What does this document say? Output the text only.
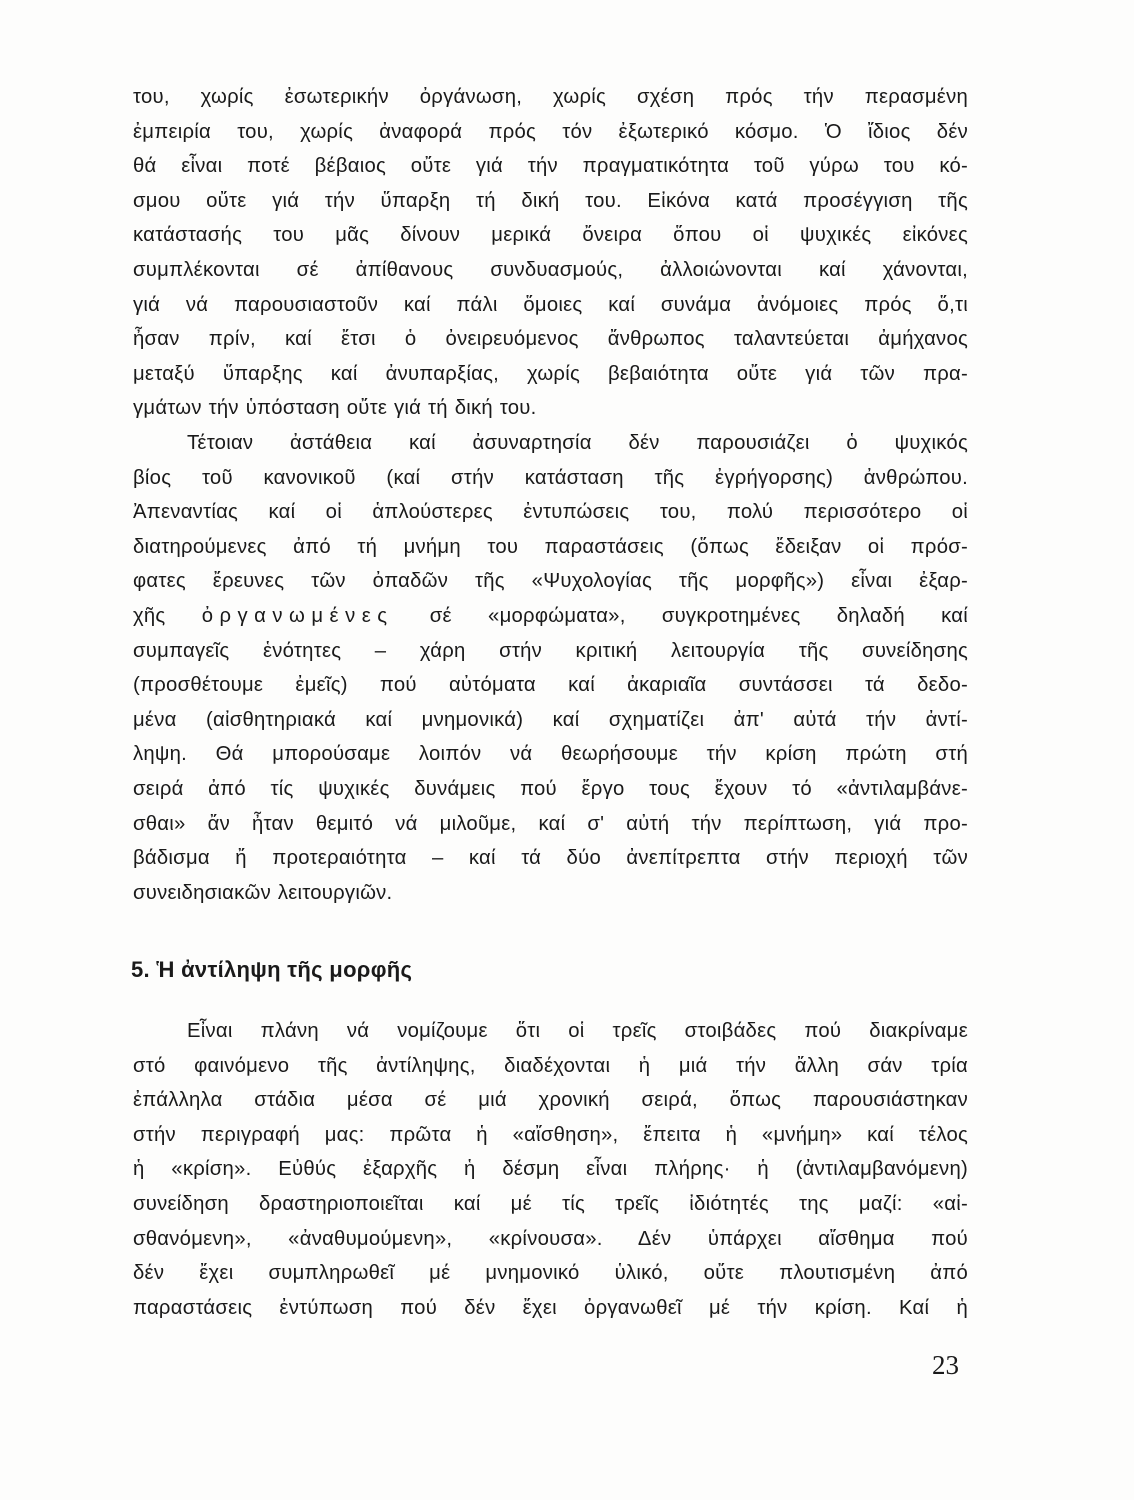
του, χωρίς ἐσωτερικήν ὀργάνωση, χωρίς σχέση πρός τήν περασμένη
ἐμπειρία του, χωρίς ἀναφορά πρός τόν ἐξωτερικό κόσμο. Ὁ ἴδιος δέν
θά εἶναι ποτέ βέβαιος οὔτε γιά τήν πραγματικότητα τοῦ γύρω του κό-
σμου οὔτε γιά τήν ὕπαρξη τή δική του. Εἰκόνα κατά προσέγγιση τῆς
κατάστασής του μᾶς δίνουν μερικά ὄνειρα ὅπου οἱ ψυχικές εἰκόνες
συμπλέκονται σέ ἀπίθανους συνδυασμούς, ἀλλοιώνονται καί χάνονται,
γιά νά παρουσιαστοῦν καί πάλι ὅμοιες καί συνάμα ἀνόμοιες πρός ὅ,τι
ἦσαν πρίν, καί ἔτσι ὁ ὀνειρευόμενος ἄνθρωπος ταλαντεύεται ἀμήχανος
μεταξύ ὕπαρξης καί ἀνυπαρξίας, χωρίς βεβαιότητα οὔτε γιά τῶν πρα-
γμάτων τήν ὑπόσταση οὔτε γιά τή δική του.
Τέτοιαν ἀστάθεια καί ἀσυναρτησία δέν παρουσιάζει ὁ ψυχικός
βίος τοῦ κανονικοῦ (καί στήν κατάσταση τῆς ἐγρήγορσης) ἀνθρώπου.
Ἀπεναντίας καί οἱ ἁπλούστερες ἐντυπώσεις του, πολύ περισσότερο οἱ
διατηρούμενες ἀπό τή μνήμη του παραστάσεις (ὅπως ἔδειξαν οἱ πρόσ-
φατες ἔρευνες τῶν ὀπαδῶν τῆς «Ψυχολογίας τῆς μορφῆς») εἶναι ἐξαρ-
χῆς ὀργανωμένες σέ «μορφώματα», συγκροτημένες δηλαδή καί
συμπαγεῖς ἑνότητες – χάρη στήν κριτική λειτουργία τῆς συνείδησης
(προσθέτουμε ἐμεῖς) πού αὐτόματα καί ἀκαριαῖα συντάσσει τά δεδο-
μένα (αἰσθητηριακά καί μνημονικά) καί σχηματίζει ἀπ' αὐτά τήν ἀντί-
ληψη. Θά μπορούσαμε λοιπόν νά θεωρήσουμε τήν κρίση πρώτη στή
σειρά ἀπό τίς ψυχικές δυνάμεις πού ἔργο τους ἔχουν τό «ἀντιλαμβάνε-
σθαι» ἄν ἦταν θεμιτό νά μιλοῦμε, καί σ' αὐτή τήν περίπτωση, γιά προ-
βάδισμα ἤ προτεραιότητα – καί τά δύο ἀνεπίτρεπτα στήν περιοχή τῶν
συνειδησιακῶν λειτουργιῶν.
5. Ἡ ἀντίληψη τῆς μορφῆς
Εἶναι πλάνη νά νομίζουμε ὅτι οἱ τρεῖς στοιβάδες πού διακρίναμε
στό φαινόμενο τῆς ἀντίληψης, διαδέχονται ἡ μιά τήν ἄλλη σάν τρία
ἐπάλληλα στάδια μέσα σέ μιά χρονική σειρά, ὅπως παρουσιάστηκαν
στήν περιγραφή μας: πρῶτα ἡ «αἴσθηση», ἔπειτα ἡ «μνήμη» καί τέλος
ἡ «κρίση». Εὐθύς ἐξαρχῆς ἡ δέσμη εἶναι πλήρης· ἡ (ἀντιλαμβανόμενη)
συνείδηση δραστηριοποιεῖται καί μέ τίς τρεῖς ἰδιότητές της μαζί: «αἰ-
σθανόμενη», «ἀναθυμούμενη», «κρίνουσα». Δέν ὑπάρχει αἴσθημα πού
δέν ἔχει συμπληρωθεῖ μέ μνημονικό ὑλικό, οὔτε πλουτισμένη ἀπό
παραστάσεις ἐντύπωση πού δέν ἔχει ὀργανωθεῖ μέ τήν κρίση. Καί ἡ
23
